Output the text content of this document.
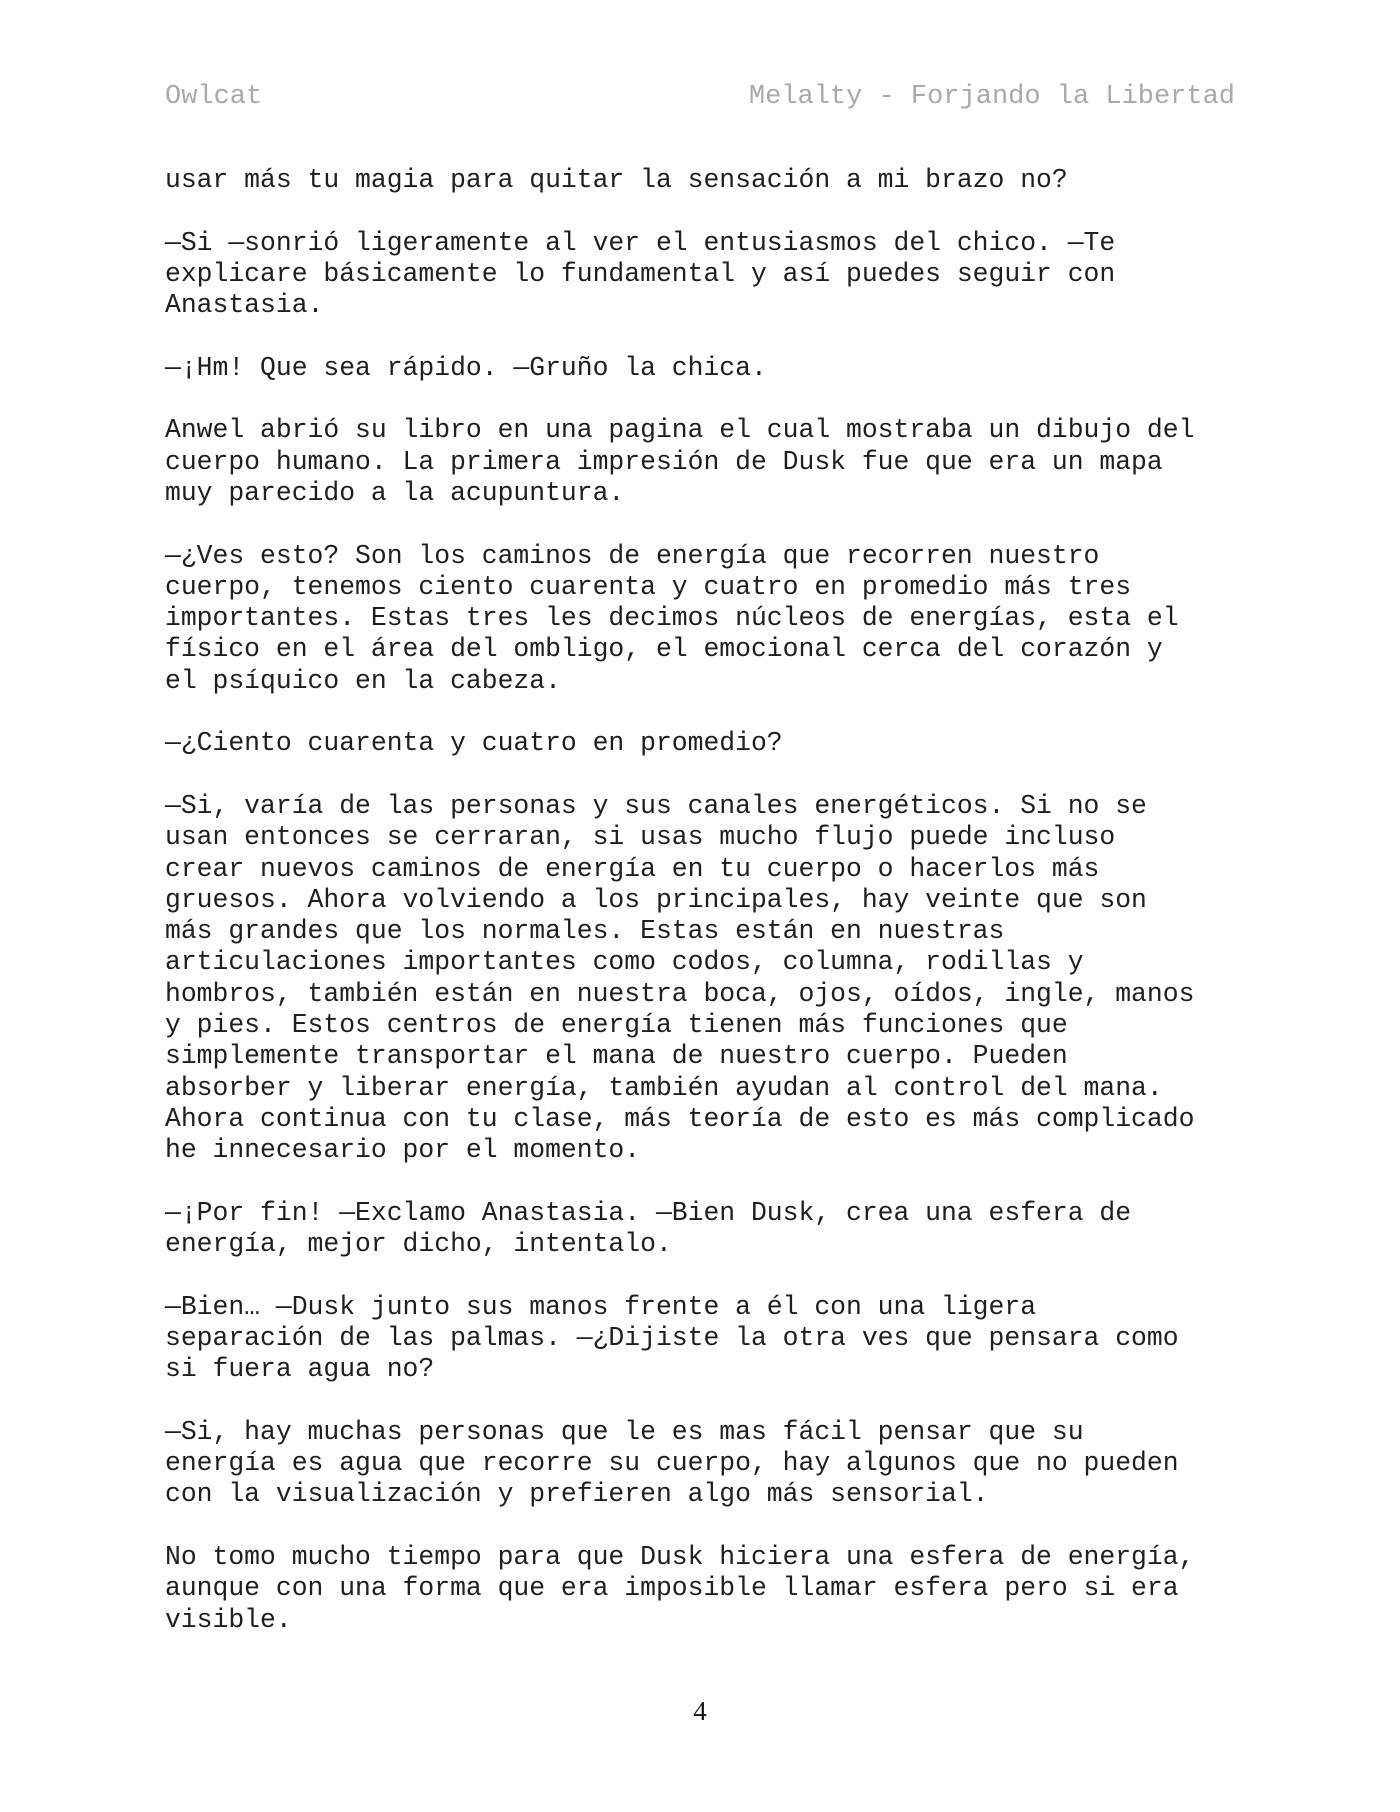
Owlcat	Melalty - Forjando la Libertad
usar más tu magia para quitar la sensación a mi brazo no?
—Si —sonrió ligeramente al ver el entusiasmos del chico. —Te
explicare básicamente lo fundamental y así puedes seguir con
Anastasia.
—¡Hm! Que sea rápido. —Gruño la chica.
Anwel abrió su libro en una pagina el cual mostraba un dibujo del
cuerpo humano. La primera impresión de Dusk fue que era un mapa
muy parecido a la acupuntura.
—¿Ves esto? Son los caminos de energía que recorren nuestro
cuerpo, tenemos ciento cuarenta y cuatro en promedio más tres
importantes. Estas tres les decimos núcleos de energías, esta el
físico en el área del ombligo, el emocional cerca del corazón y
el psíquico en la cabeza.
—¿Ciento cuarenta y cuatro en promedio?
—Si, varía de las personas y sus canales energéticos. Si no se
usan entonces se cerraran, si usas mucho flujo puede incluso
crear nuevos caminos de energía en tu cuerpo o hacerlos más
gruesos. Ahora volviendo a los principales, hay veinte que son
más grandes que los normales. Estas están en nuestras
articulaciones importantes como codos, columna, rodillas y
hombros, también están en nuestra boca, ojos, oídos, ingle, manos
y pies. Estos centros de energía tienen más funciones que
simplemente transportar el mana de nuestro cuerpo. Pueden
absorber y liberar energía, también ayudan al control del mana.
Ahora continua con tu clase, más teoría de esto es más complicado
he innecesario por el momento.
—¡Por fin! —Exclamo Anastasia. —Bien Dusk, crea una esfera de
energía, mejor dicho, intentalo.
—Bien… —Dusk junto sus manos frente a él con una ligera
separación de las palmas. —¿Dijiste la otra ves que pensara como
si fuera agua no?
—Si, hay muchas personas que le es mas fácil pensar que su
energía es agua que recorre su cuerpo, hay algunos que no pueden
con la visualización y prefieren algo más sensorial.
No tomo mucho tiempo para que Dusk hiciera una esfera de energía,
aunque con una forma que era imposible llamar esfera pero si era
visible.
4
